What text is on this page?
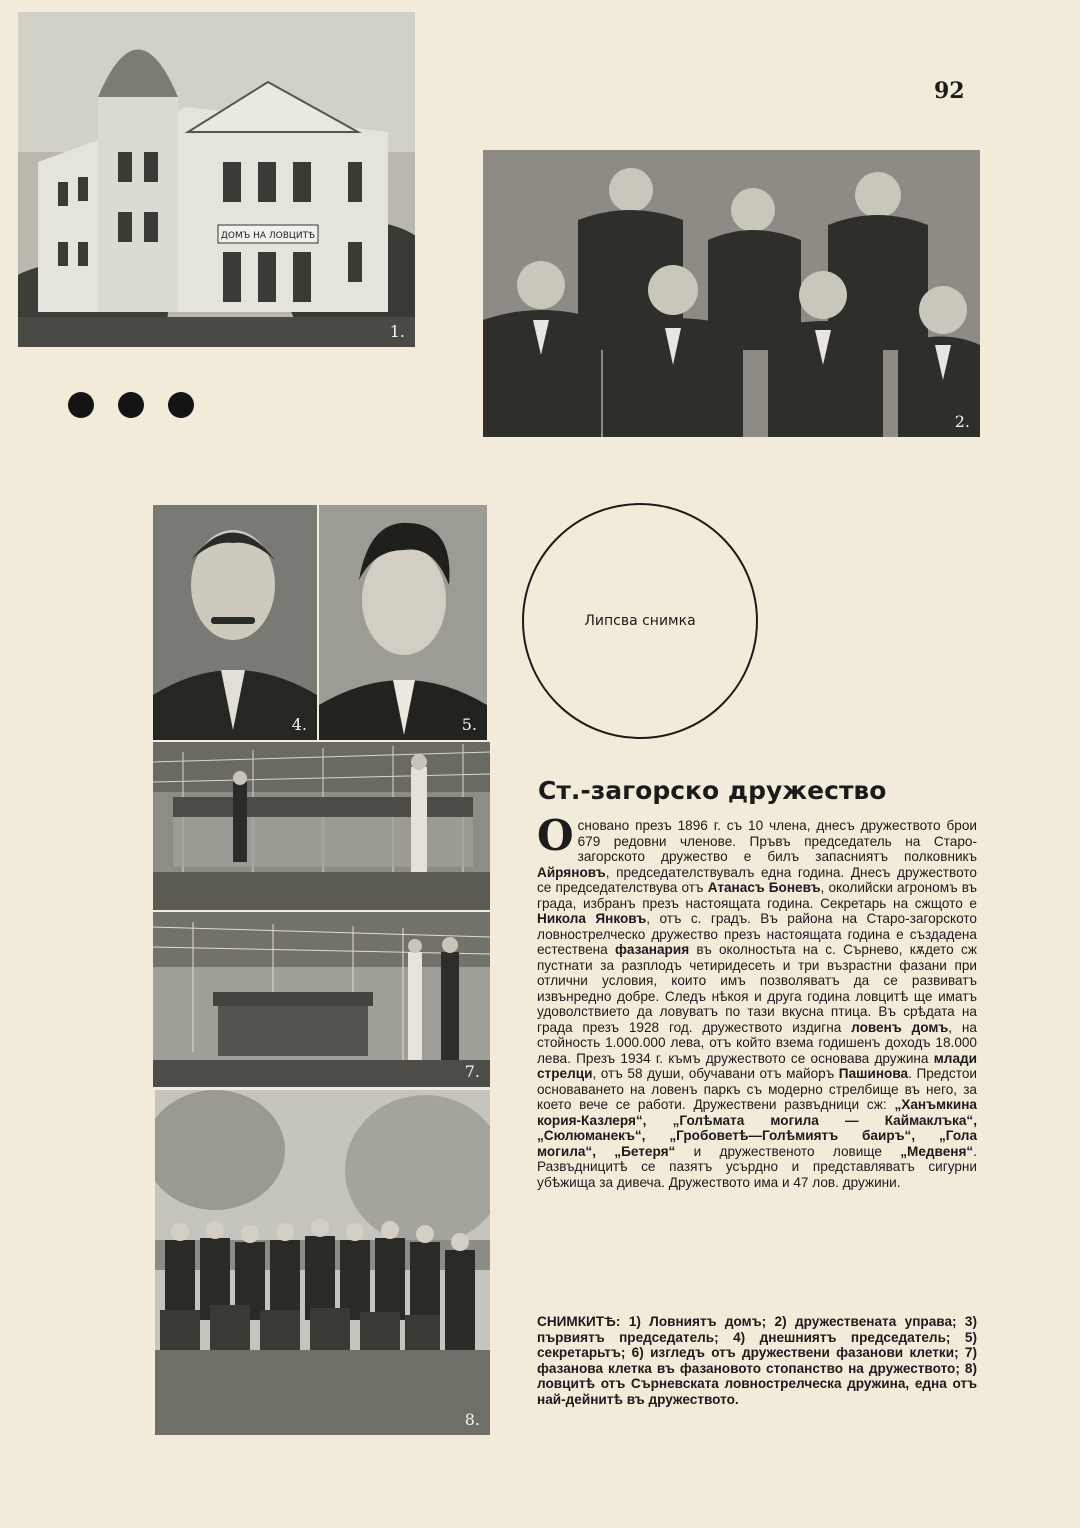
ДОМЪ НА ЛОВЦИТѢ
1.
92
2.
4.	5.
Липсва снимка
7.
8.
Ст.-загорско дружество
Основано презъ 1896 г. съ 10 члена, днесъ дружеството брои 679 редовни членове. Пръвъ председатель на Старо-загорското дружество е билъ запасниятъ полковникъ Айряновъ, председателствувалъ една година. Днесъ дружеството се председателствува отъ Атанасъ Боневъ, околийски агрономъ въ града, избранъ презъ настоящата година. Секретарь на сжщото е Никола Янковъ, отъ с. градъ. Въ района на Старо-загорското ловнострелческо дружество презъ настоящата година е създадена естествена фазанария въ околностьта на с. Сърнево, кѫдето сж пустнати за разплодъ четиридесеть и три възрастни фазани при отлични условия, които имъ позволяватъ да се развиватъ извънредно добре. Следъ нѣкоя и друга година ловцитѣ ще иматъ удоволствието да ловуватъ по тази вкусна птица. Въ срѣдата на града презъ 1928 год. дружеството издигна ловенъ домъ, на стойность 1.000.000 лева, отъ който взема годишенъ доходъ 18.000 лева. Презъ 1934 г. къмъ дружеството се основава дружина млади стрелци, отъ 58 души, обучавани отъ майоръ Пашинова. Предстои основаването на ловенъ паркъ съ модерно стрелбище въ него, за което вече се работи. Дружествени развъдници сж: „Ханъмкина кория-Казлеря“, „Голѣмата могила — Каймаклъка“, „Сюлюманекъ“, „Гробоветѣ—Голѣмиятъ баиръ“, „Гола могила“, „Бетеря“ и дружественото ловище „Медвеня“. Развъдницитѣ се пазятъ усърдно и представляватъ сигурни убѣжища за дивеча. Дружеството има и 47 лов. дружини.
СНИМКИТѢ: 1) Ловниятъ домъ; 2) дружествената управа; 3) първиятъ председатель; 4) днешниятъ председатель; 5) секретарьтъ; 6) изгледъ отъ дружествени фазанови клетки; 7) фазанова клетка въ фазановото стопанство на дружеството; 8) ловцитѣ отъ Сърневската ловнострелческа дружина, една отъ най-дейнитѣ въ дружеството.
